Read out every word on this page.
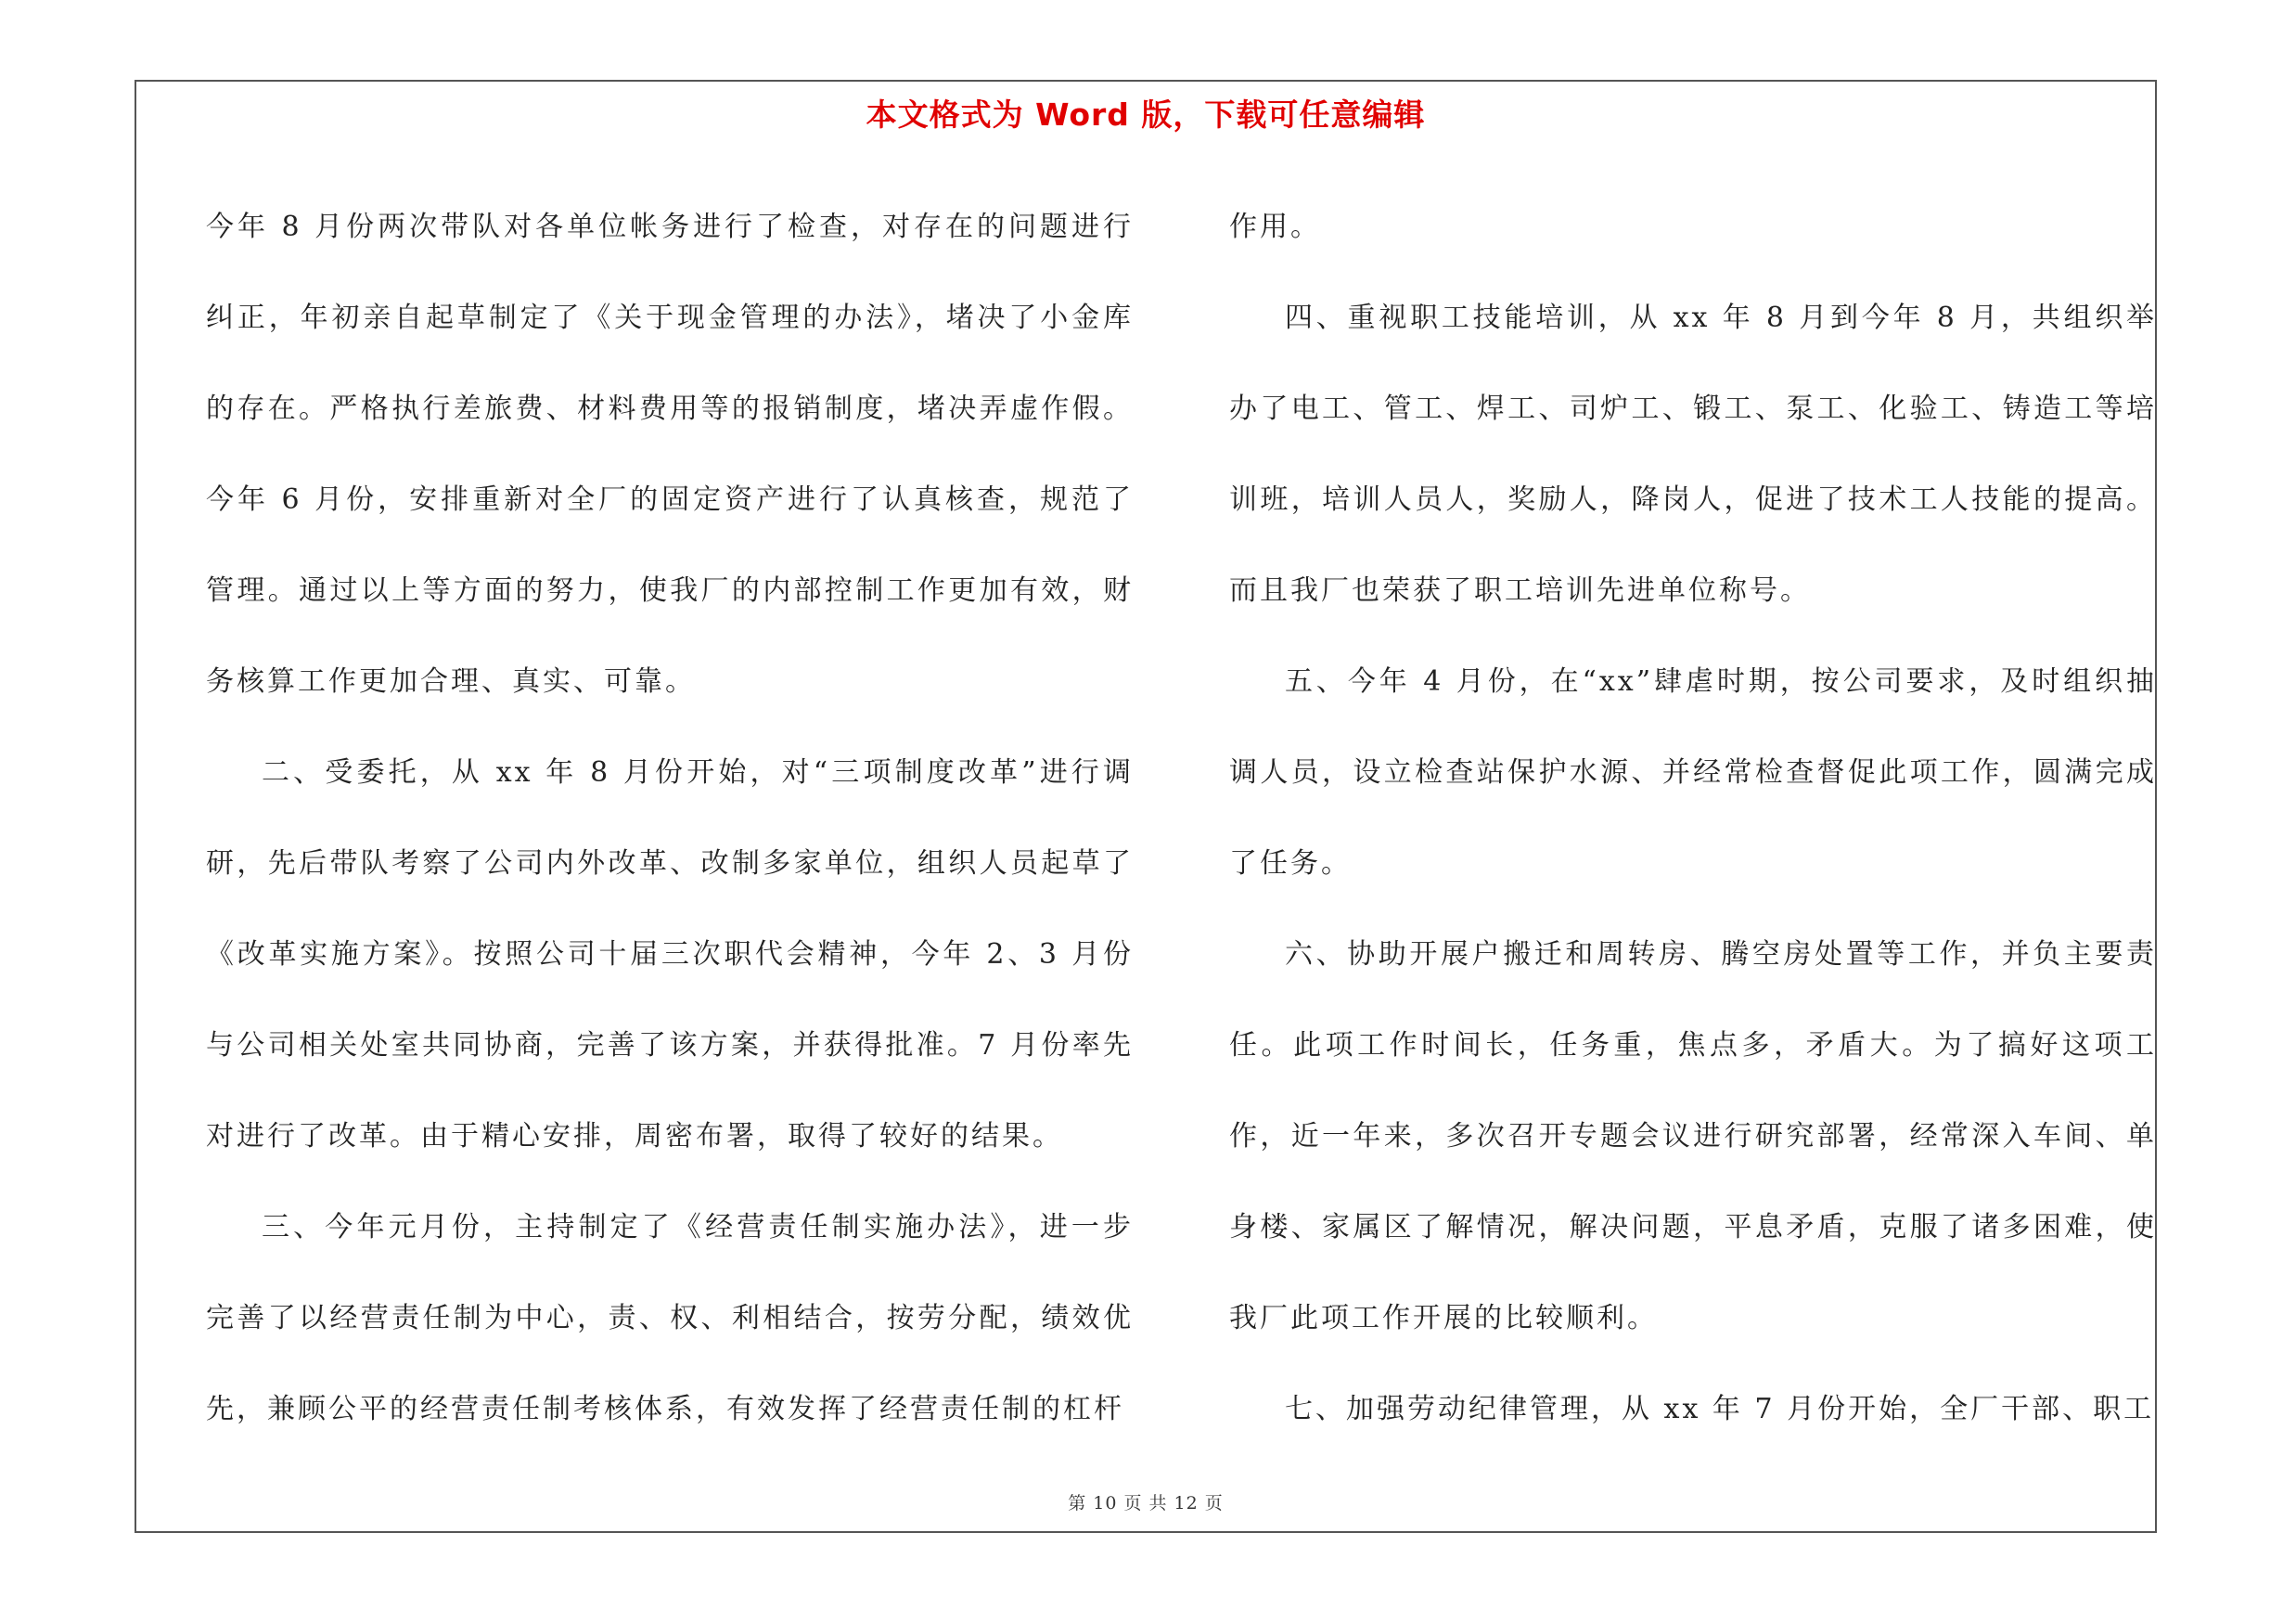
本文格式为 Word 版，下载可任意编辑

今年 8 月份两次带队对各单位帐务进行了检查，对存在的问题进行纠正，年初亲自起草制定了《关于现金管理的办法》，堵决了小金库的存在。严格执行差旅费、材料费用等的报销制度，堵决弄虚作假。今年 6 月份，安排重新对全厂的固定资产进行了认真核查，规范了管理。通过以上等方面的努力，使我厂的内部控制工作更加有效，财务核算工作更加合理、真实、可靠。

二、受委托，从 xx 年 8 月份开始，对“三项制度改革”进行调研，先后带队考察了公司内外改革、改制多家单位，组织人员起草了《改革实施方案》。按照公司十届三次职代会精神，今年 2、3 月份与公司相关处室共同协商，完善了该方案，并获得批准。7 月份率先对进行了改革。由于精心安排，周密布署，取得了较好的结果。

三、今年元月份，主持制定了《经营责任制实施办法》，进一步完善了以经营责任制为中心，责、权、利相结合，按劳分配，绩效优先，兼顾公平的经营责任制考核体系，有效发挥了经营责任制的杠杆

作用。

四、重视职工技能培训，从 xx 年 8 月到今年 8 月，共组织举办了电工、管工、焊工、司炉工、锻工、泵工、化验工、铸造工等培训班，培训人员人，奖励人，降岗人，促进了技术工人技能的提高。而且我厂也荣获了职工培训先进单位称号。

五、今年 4 月份，在“xx”肆虐时期，按公司要求，及时组织抽调人员，设立检查站保护水源、并经常检查督促此项工作，圆满完成了任务。

六、协助开展户搬迁和周转房、腾空房处置等工作，并负主要责任。此项工作时间长，任务重，焦点多，矛盾大。为了搞好这项工作，近一年来，多次召开专题会议进行研究部署，经常深入车间、单身楼、家属区了解情况，解决问题，平息矛盾，克服了诸多困难，使我厂此项工作开展的比较顺利。

七、加强劳动纪律管理，从 xx 年 7 月份开始，全厂干部、职工

第 10 页 共 12 页
